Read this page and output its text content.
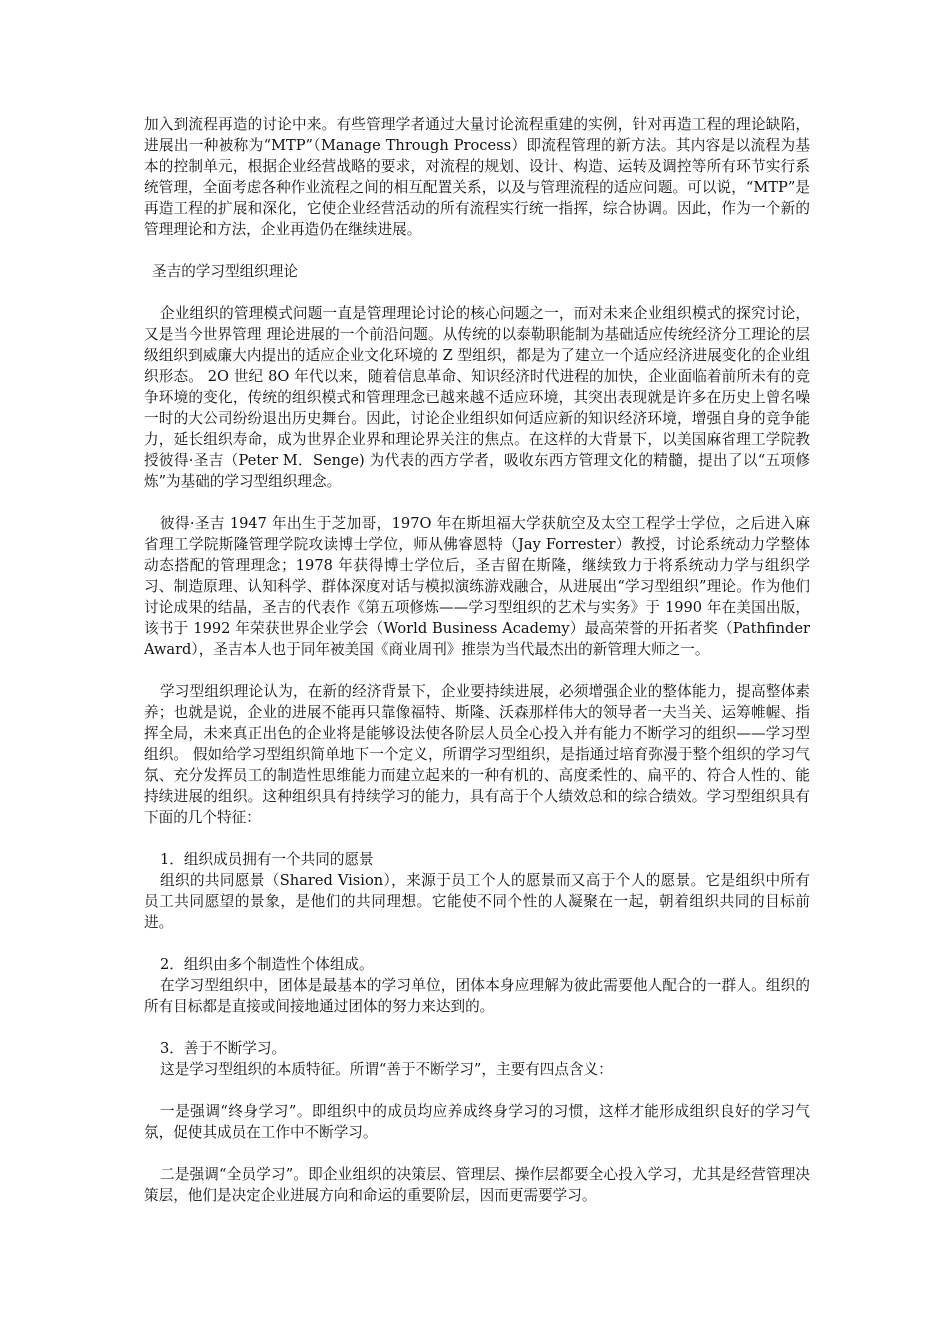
加入到流程再造的讨论中来。有些管理学者通过大量讨论流程重建的实例，针对再造工程的理论缺陷，进展出一种被称为“MTP”（Manage Through Process）即流程管理的新方法。其内容是以流程为基本的控制单元，根据企业经营战略的要求，对流程的规划、设计、构造、运转及调控等所有环节实行系统管理，全面考虑各种作业流程之间的相互配置关系，以及与管理流程的适应问题。可以说，“MTP”是再造工程的扩展和深化，它使企业经营活动的所有流程实行统一指挥，综合协调。因此，作为一个新的管理理论和方法，企业再造仍在继续进展。

圣吉的学习型组织理论

企业组织的管理模式问题一直是管理理论讨论的核心问题之一，而对未来企业组织模式的探究讨论，又是当今世界管理 理论进展的一个前沿问题。从传统的以泰勒职能制为基础适应传统经济分工理论的层级组织到威廉大内提出的适应企业文化环境的 Z 型组织，都是为了建立一个适应经济进展变化的企业组织形态。 2O 世纪 8O 年代以来，随着信息革命、知识经济时代进程的加快，企业面临着前所未有的竞争环境的变化，传统的组织模式和管理理念已越来越不适应环境，其突出表现就是许多在历史上曾名噪一时的大公司纷纷退出历史舞台。因此，讨论企业组织如何适应新的知识经济环境，增强自身的竞争能力，延长组织寿命，成为世界企业界和理论界关注的焦点。在这样的大背景下，以美国麻省理工学院教授彼得·圣吉（Peter M．Senge) 为代表的西方学者，吸收东西方管理文化的精髓，提出了以“五项修炼”为基础的学习型组织理念。

彼得·圣吉 1947 年出生于芝加哥，197O 年在斯坦福大学获航空及太空工程学士学位，之后进入麻省理工学院斯隆管理学院攻读博士学位，师从佛睿恩特（Jay Forrester）教授，讨论系统动力学整体动态搭配的管理理念；1978 年获得博士学位后，圣吉留在斯隆，继续致力于将系统动力学与组织学习、制造原理、认知科学、群体深度对话与模拟演练游戏融合，从进展出“学习型组织”理论。作为他们讨论成果的结晶，圣吉的代表作《第五项修炼——学习型组织的艺术与实务》于 1990 年在美国出版，该书于 1992 年荣获世界企业学会（World Business Academy）最高荣誉的开拓者奖（Pathfinder Award），圣吉本人也于同年被美国《商业周刊》推崇为当代最杰出的新管理大师之一。

学习型组织理论认为，在新的经济背景下，企业要持续进展，必须增强企业的整体能力，提高整体素养；也就是说，企业的进展不能再只靠像福特、斯隆、沃森那样伟大的领导者一夫当关、运筹帷幄、指挥全局，未来真正出色的企业将是能够设法使各阶层人员全心投入并有能力不断学习的组织——学习型组织。 假如给学习型组织简单地下一个定义，所谓学习型组织，是指通过培育弥漫于整个组织的学习气氛、充分发挥员工的制造性思维能力而建立起来的一种有机的、高度柔性的、扁平的、符合人性的、能持续进展的组织。这种组织具有持续学习的能力，具有高于个人绩效总和的综合绩效。学习型组织具有下面的几个特征：

1．组织成员拥有一个共同的愿景

组织的共同愿景（Shared Vision），来源于员工个人的愿景而又高于个人的愿景。它是组织中所有员工共同愿望的景象，是他们的共同理想。它能使不同个性的人凝聚在一起，朝着组织共同的目标前进。

2．组织由多个制造性个体组成。

在学习型组织中，团体是最基本的学习单位，团体本身应理解为彼此需要他人配合的一群人。组织的所有目标都是直接或间接地通过团体的努力来达到的。

3．善于不断学习。

这是学习型组织的本质特征。所谓“善于不断学习”，主要有四点含义：

一是强调“终身学习”。即组织中的成员均应养成终身学习的习惯，这样才能形成组织良好的学习气氛，促使其成员在工作中不断学习。

二是强调“全员学习”。即企业组织的决策层、管理层、操作层都要全心投入学习，尤其是经营管理决策层，他们是决定企业进展方向和命运的重要阶层，因而更需要学习。
